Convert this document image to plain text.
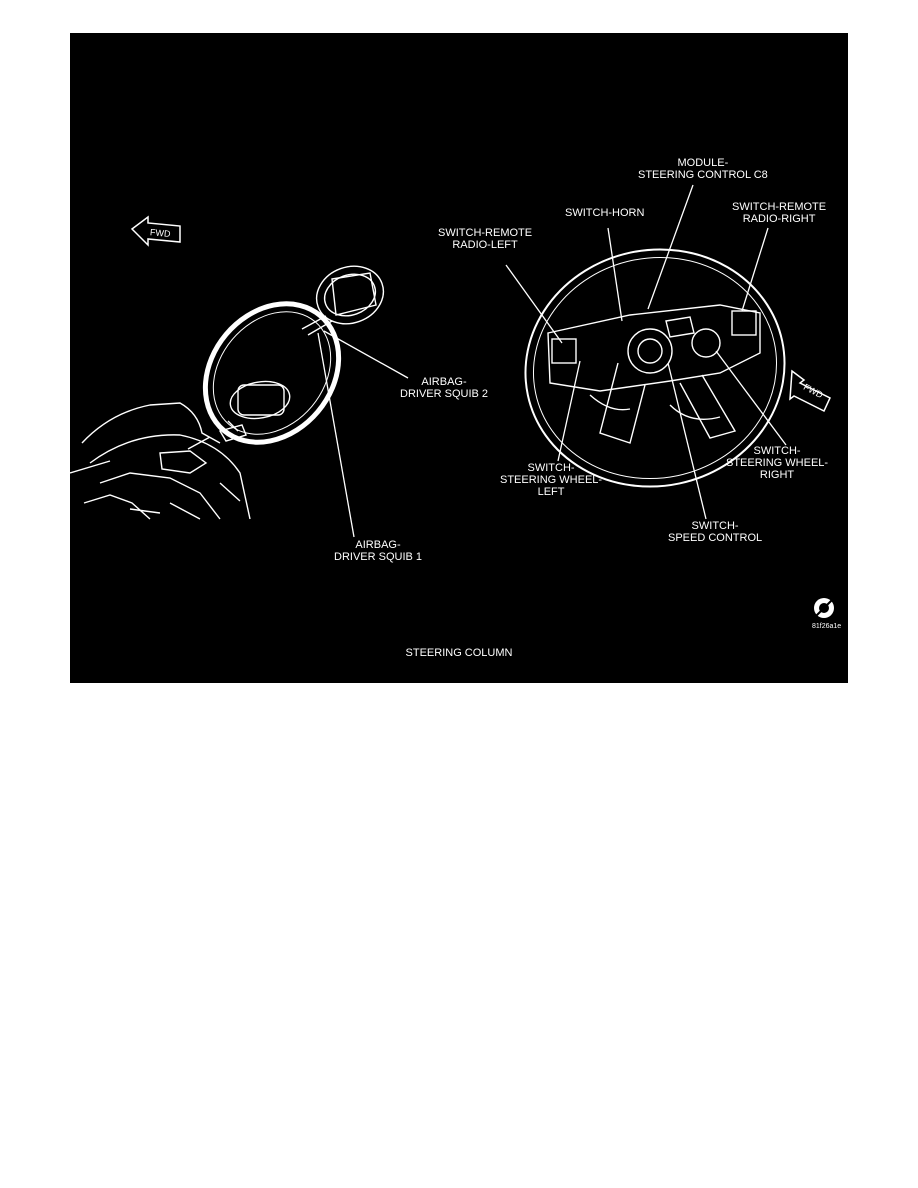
FWD
FWD
MODULE-
STEERING CONTROL C8
SWITCH-HORN	SWITCH-REMOTE
RADIO-RIGHT
SWITCH-REMOTE
RADIO-LEFT
AIRBAG-
DRIVER SQUIB 2
AIRBAG-
DRIVER SQUIB 1
SWITCH-
STEERING WHEEL-
LEFT
SWITCH-
STEERING WHEEL-
RIGHT
SWITCH-
SPEED CONTROL
81f26a1e
STEERING COLUMN
